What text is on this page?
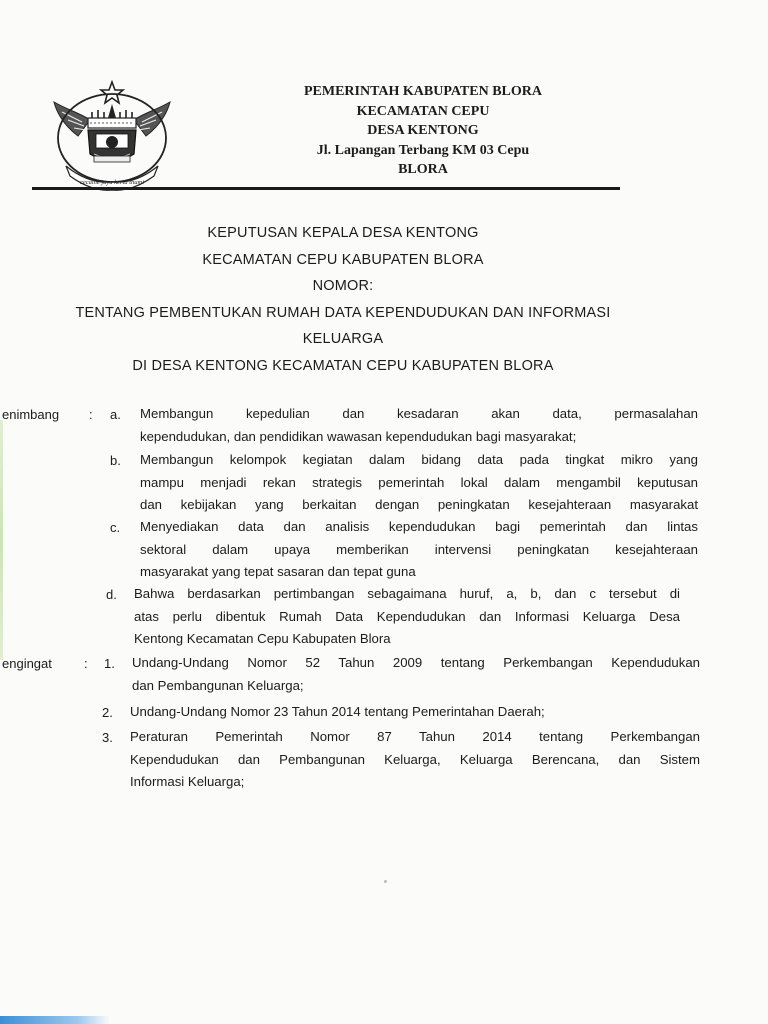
cecaine jaya kerta thumi
PEMERINTAH KABUPATEN BLORA
KECAMATAN CEPU
DESA KENTONG
Jl. Lapangan Terbang KM 03 Cepu
BLORA
KEPUTUSAN KEPALA DESA KENTONG
KECAMATAN CEPU KABUPATEN BLORA
NOMOR:
TENTANG PEMBENTUKAN RUMAH DATA KEPENDUDUKAN DAN INFORMASI
KELUARGA
DI DESA KENTONG KECAMATAN CEPU KABUPATEN BLORA
enimbang : a. Membangun kepedulian dan kesadaran akan data, permasalahan
kependudukan, dan pendidikan wawasan kependudukan bagi masyarakat;
b. Membangun kelompok kegiatan dalam bidang data pada tingkat mikro yang
mampu menjadi rekan strategis pemerintah lokal dalam mengambil keputusan
dan kebijakan yang berkaitan dengan peningkatan kesejahteraan masyarakat
c. Menyediakan data dan analisis kependudukan bagi pemerintah dan lintas
sektoral dalam upaya memberikan intervensi peningkatan kesejahteraan
masyarakat yang tepat sasaran dan tepat guna
d. Bahwa berdasarkan pertimbangan sebagaimana huruf, a, b, dan c tersebut di
atas perlu dibentuk Rumah Data Kependudukan dan Informasi Keluarga Desa
Kentong Kecamatan Cepu Kabupaten Blora
engingat : 1. Undang-Undang Nomor 52 Tahun 2009 tentang Perkembangan Kependudukan
dan Pembangunan Keluarga;
2. Undang-Undang Nomor 23 Tahun 2014 tentang Pemerintahan Daerah;
3. Peraturan Pemerintah Nomor 87 Tahun 2014 tentang Perkembangan
Kependudukan dan Pembangunan Keluarga, Keluarga Berencana, dan Sistem
Informasi Keluarga;
